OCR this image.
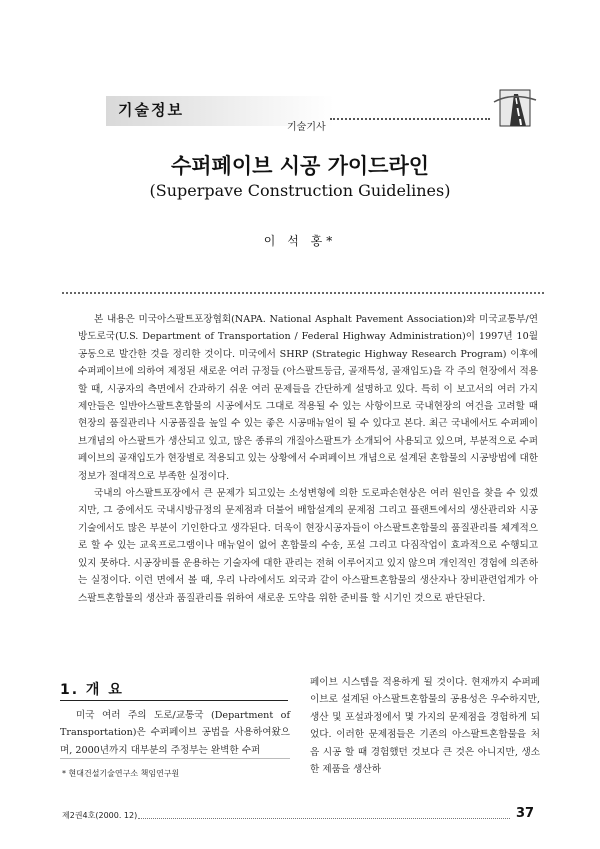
기술정보
기술기사
수퍼페이브 시공 가이드라인
(Superpave Construction Guidelines)
이 석 홍*

본 내용은 미국아스팔트포장협회(NAPA. National Asphalt Pavement Association)와 미국교통부/연방도로국(U.S. Department of Transportation / Federal Highway Administration)이 1997년 10월 공동으로 발간한 것을 정리한 것이다. 미국에서 SHRP (Strategic Highway Research Program) 이후에 수퍼페이브에 의하여 제정된 새로운 여러 규정들 (아스팔트등급, 골재특성, 골재입도)을 각 주의 현장에서 적용할 때, 시공자의 측면에서 간과하기 쉬운 여러 문제들을 간단하게 설명하고 있다. 특히 이 보고서의 여러 가지 제안들은 일반아스팔트혼합물의 시공에서도 그대로 적용될 수 있는 사항이므로 국내현장의 여건을 고려할 때 현장의 품질관리나 시공품질을 높일 수 있는 좋은 시공매뉴얼이 될 수 있다고 본다. 최근 국내에서도 수퍼페이브개념의 아스팔트가 생산되고 있고, 많은 종류의 개질아스팔트가 소개되어 사용되고 있으며, 부분적으로 수퍼페이브의 골재입도가 현장별로 적용되고 있는 상황에서 수퍼페이브 개념으로 설계된 혼합물의 시공방법에 대한 정보가 절대적으로 부족한 실정이다.

국내의 아스팔트포장에서 큰 문제가 되고있는 소성변형에 의한 도로파손현상은 여러 원인을 찾을 수 있겠지만, 그 중에서도 국내시방규정의 문제점과 더불어 배합설계의 문제점 그리고 플랜트에서의 생산관리와 시공기술에서도 많은 부분이 기인한다고 생각된다. 더욱이 현장시공자들이 아스팔트혼합물의 품질관리를 체계적으로 할 수 있는 교육프로그램이나 매뉴얼이 없어 혼합물의 수송, 포설 그리고 다짐작업이 효과적으로 수행되고 있지 못하다. 시공장비를 운용하는 기술자에 대한 관리는 전혀 이루어지고 있지 않으며 개인적인 경험에 의존하는 실정이다. 이런 면에서 볼 때, 우리 나라에서도 외국과 같이 아스팔트혼합물의 생산자나 장비관련업계가 아스팔트혼합물의 생산과 품질관리를 위하여 새로운 도약을 위한 준비를 할 시기인 것으로 판단된다.

1. 개 요

미국 여러 주의 도로/교통국 (Department of Transportation)은 수퍼페이브 공법을 사용하여왔으며, 2000년까지 대부분의 주정부는 완벽한 수퍼

페이브 시스템을 적용하게 될 것이다. 현재까지 수퍼페이브로 설계된 아스팔트혼합물의 공용성은 우수하지만, 생산 및 포설과정에서 몇 가지의 문제점을 경험하게 되었다. 이러한 문제점들은 기존의 아스팔트혼합물을 처음 시공 할 때 경험했던 것보다 큰 것은 아니지만, 생소한 제품을 생산하

* 현대건설기술연구소 책임연구원
제2권4호(2000. 12)	37
